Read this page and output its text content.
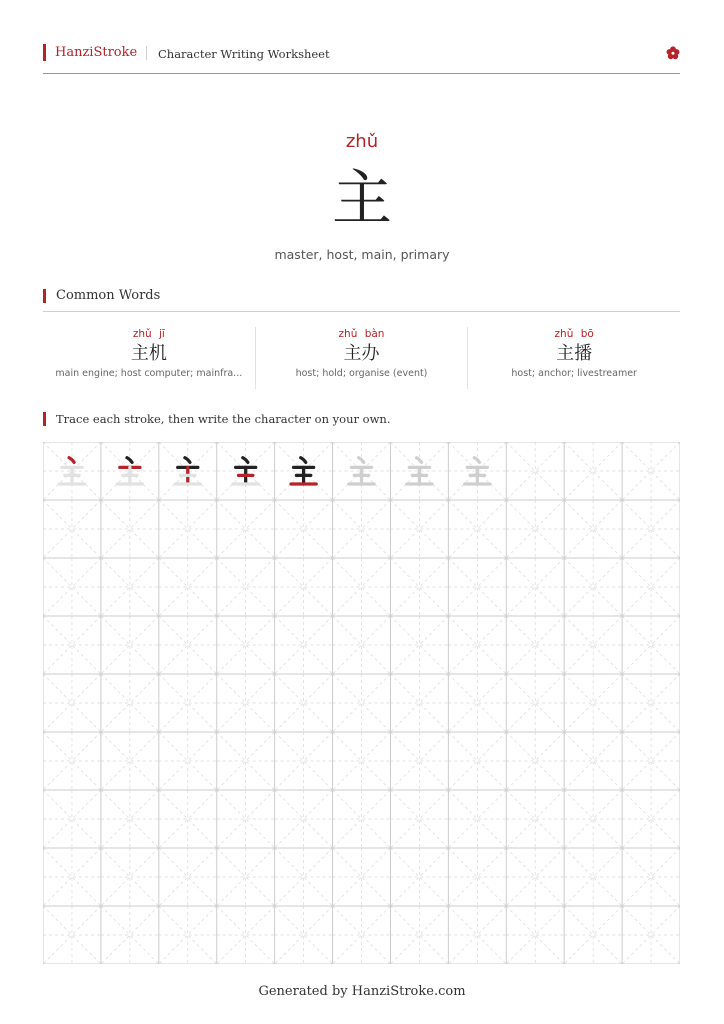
HanziStroke Character Writing Worksheet
zhǔ
主
master, host, main, primary
Common Words
zhǔ jī
主机
main engine; host computer; mainfra...
zhǔ bàn
主办
host; hold; organise (event)
zhǔ bō
主播
host; anchor; livestreamer
Trace each stroke, then write the character on your own.
Generated by HanziStroke.com
